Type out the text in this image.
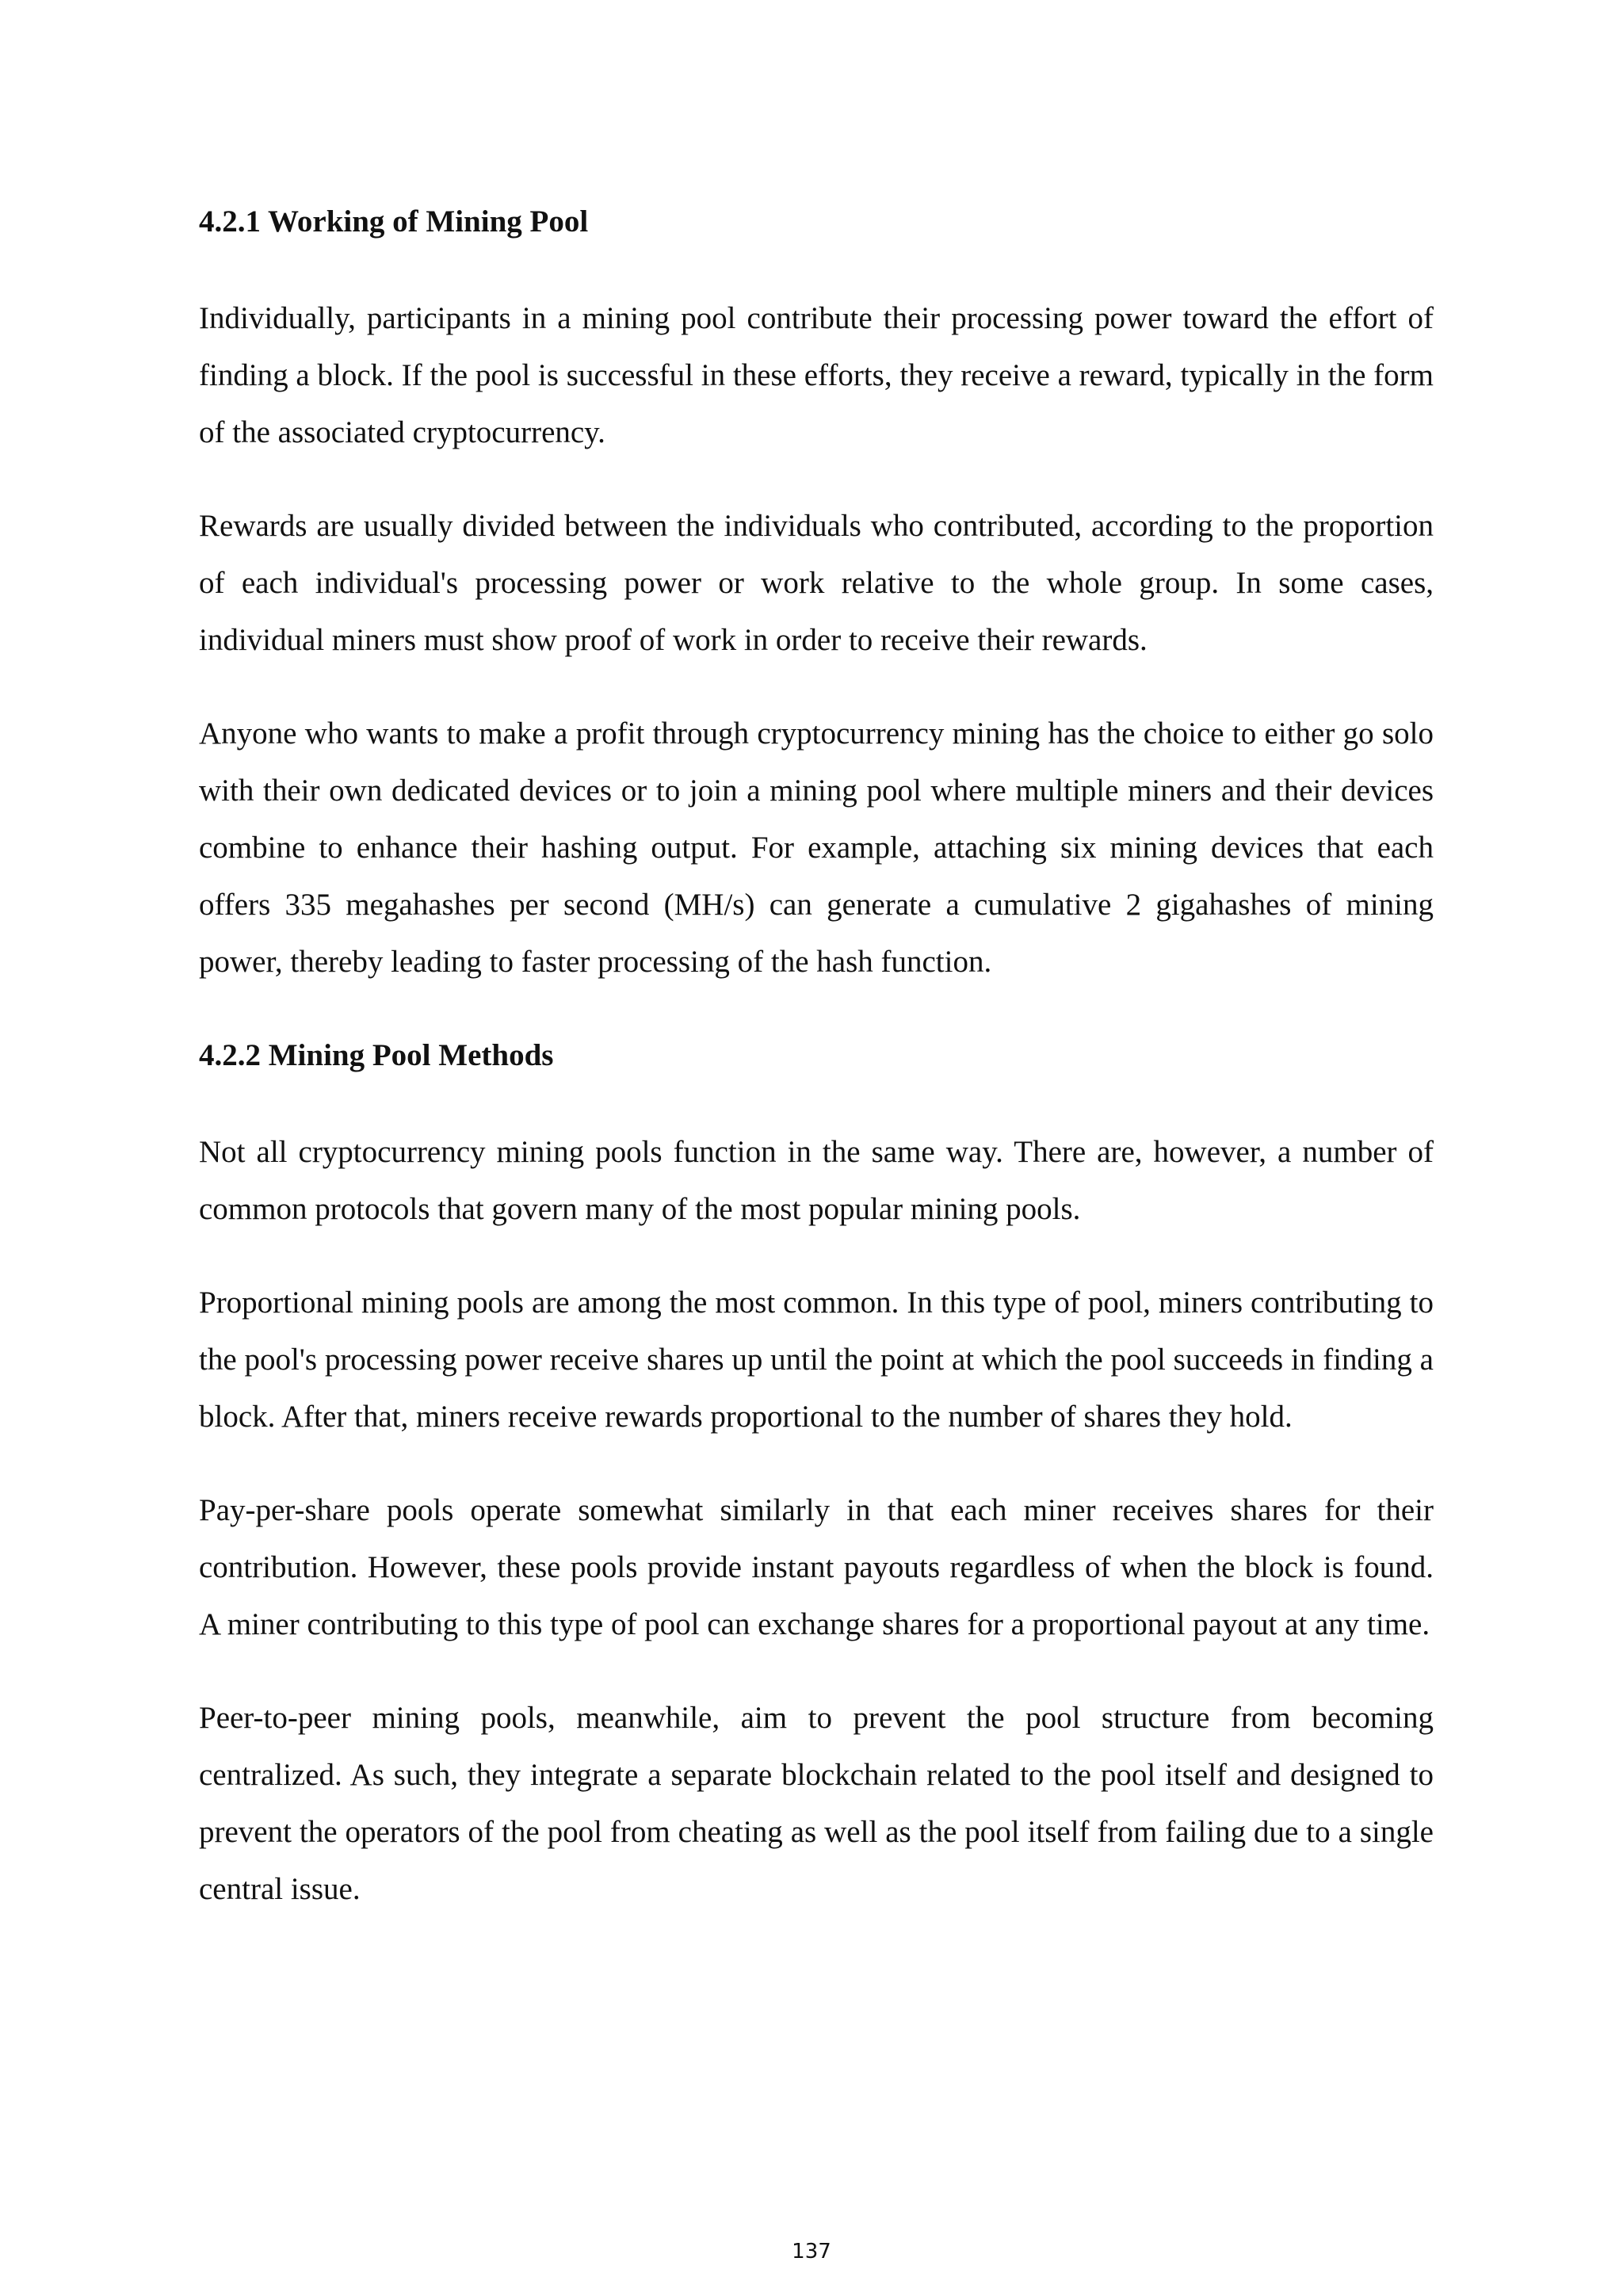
4.2.1 Working of Mining Pool

Individually, participants in a mining pool contribute their processing power toward the effort of finding a block. If the pool is successful in these efforts, they receive a reward, typically in the form of the associated cryptocurrency.

Rewards are usually divided between the individuals who contributed, according to the proportion of each individual's processing power or work relative to the whole group. In some cases, individual miners must show proof of work in order to receive their rewards.

Anyone who wants to make a profit through cryptocurrency mining has the choice to either go solo with their own dedicated devices or to join a mining pool where multiple miners and their devices combine to enhance their hashing output. For example, attaching six mining devices that each offers 335 megahashes per second (MH/s) can generate a cumulative 2 gigahashes of mining power, thereby leading to faster processing of the hash function.

4.2.2 Mining Pool Methods

Not all cryptocurrency mining pools function in the same way. There are, however, a number of common protocols that govern many of the most popular mining pools.

Proportional mining pools are among the most common. In this type of pool, miners contributing to the pool's processing power receive shares up until the point at which the pool succeeds in finding a block. After that, miners receive rewards proportional to the number of shares they hold.

Pay-per-share pools operate somewhat similarly in that each miner receives shares for their contribution. However, these pools provide instant payouts regardless of when the block is found. A miner contributing to this type of pool can exchange shares for a proportional payout at any time.

Peer-to-peer mining pools, meanwhile, aim to prevent the pool structure from becoming centralized. As such, they integrate a separate blockchain related to the pool itself and designed to prevent the operators of the pool from cheating as well as the pool itself from failing due to a single central issue.

137
